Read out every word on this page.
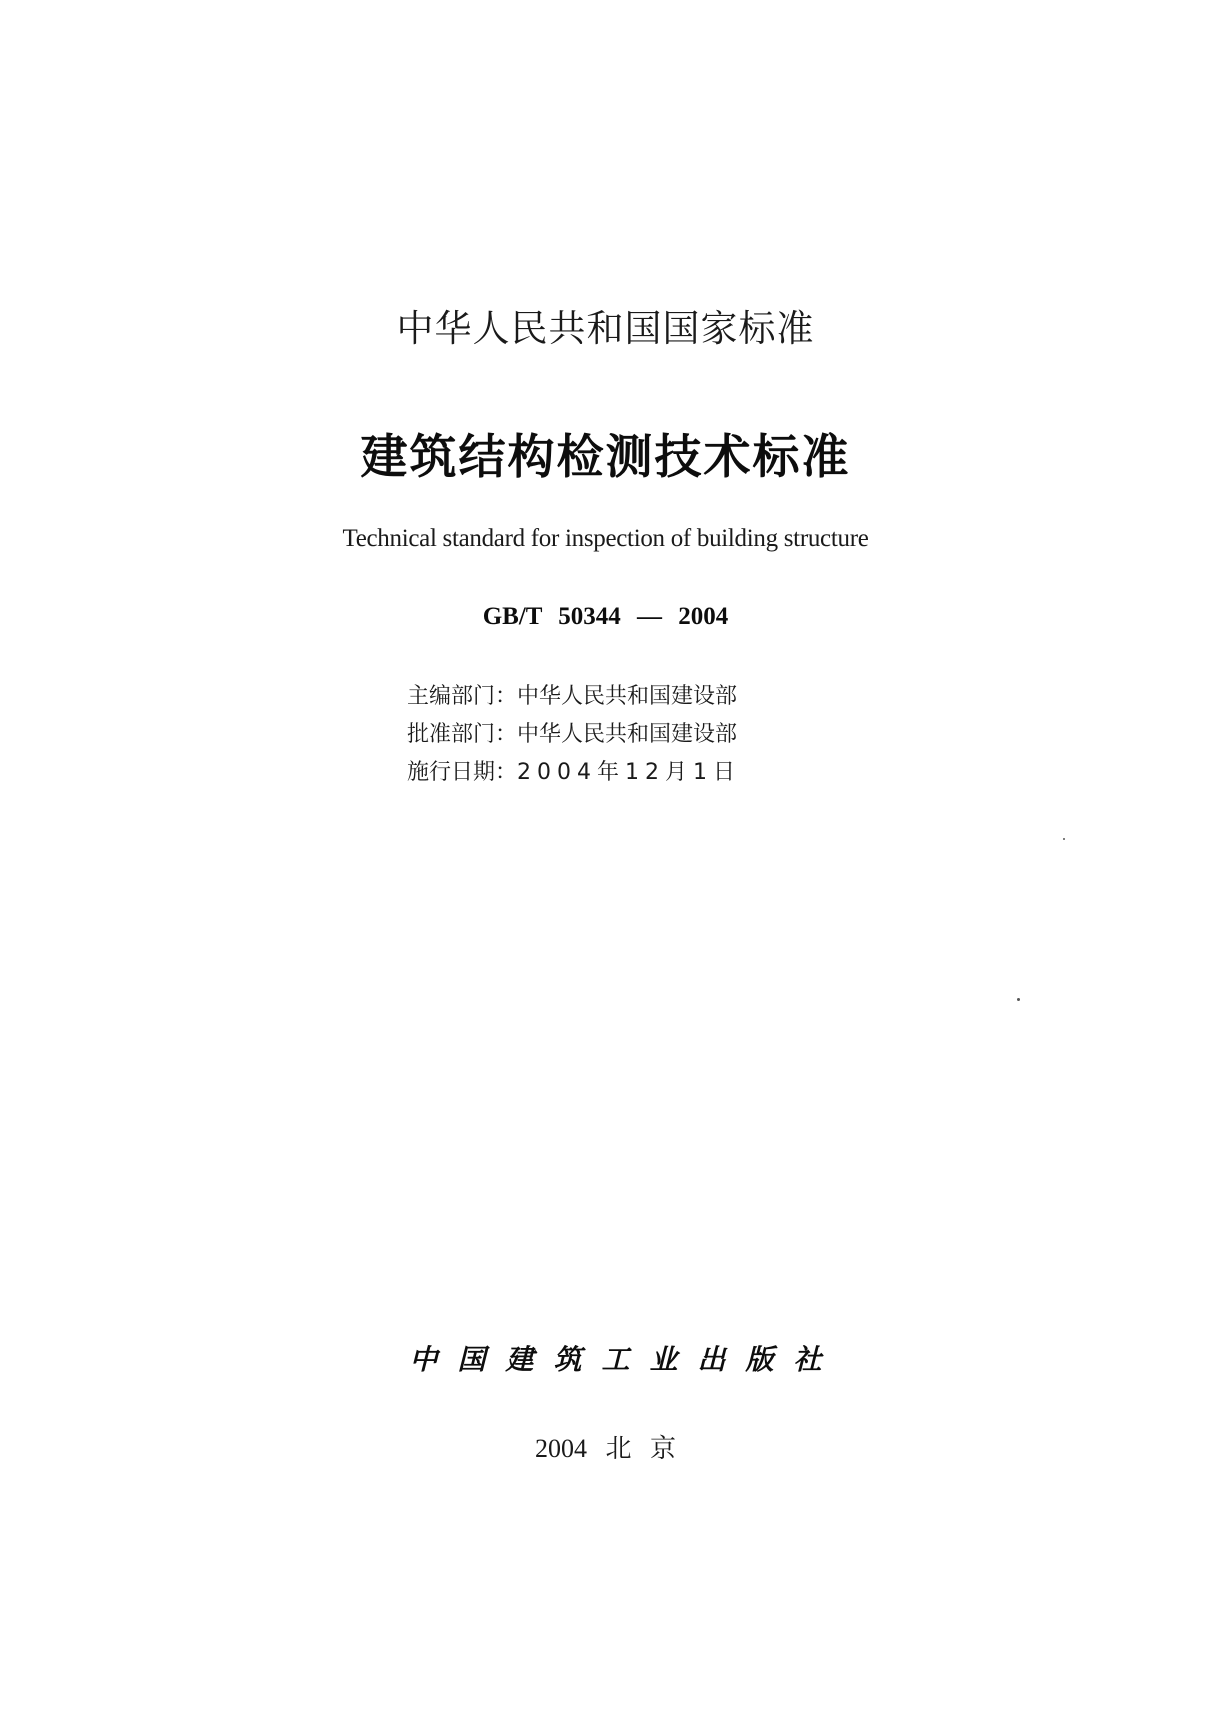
中华人民共和国国家标准
建筑结构检测技术标准
Technical standard for inspection of building structure
GB/T 50344 — 2004
主编部门：中华人民共和国建设部
批准部门：中华人民共和国建设部
施行日期：2004年12月1日
中国建筑工业出版社
2004 北 京
